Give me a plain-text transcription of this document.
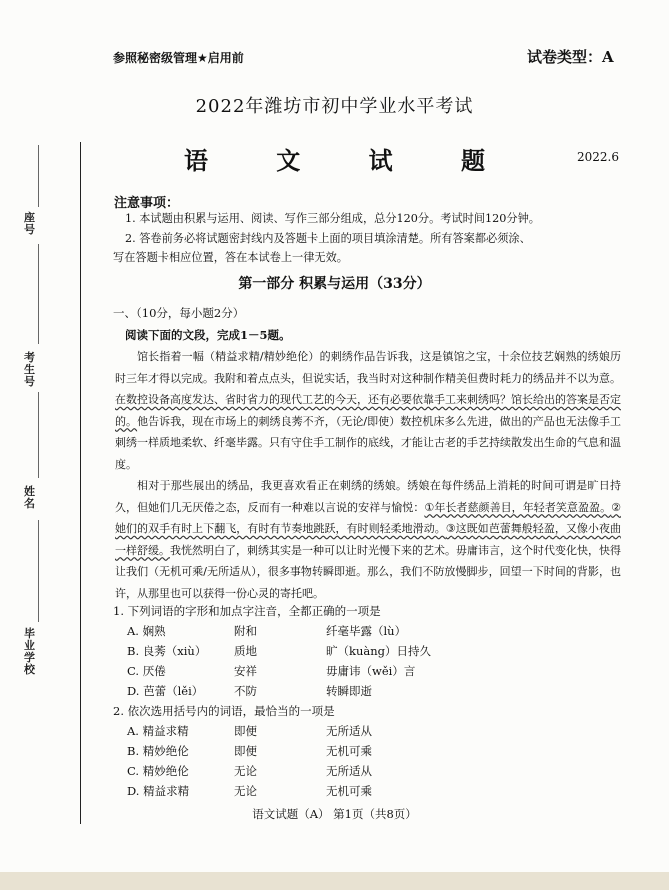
座号
考生号
姓名
毕业学校
参照秘密级管理★启用前	试卷类型：A
2022年潍坊市初中学业水平考试
语 文 试 题	2022.6
注意事项：
1. 本试题由积累与运用、阅读、写作三部分组成，总分120分。考试时间120分钟。
2. 答卷前务必将试题密封线内及答题卡上面的项目填涂清楚。所有答案都必须涂、
写在答题卡相应位置，答在本试卷上一律无效。
第一部分 积累与运用（33分）
一、（10分，每小题2分）
阅读下面的文段，完成1－5题。
馆长指着一幅（精益求精/精妙绝伦）的刺绣作品告诉我，这是镇馆之宝，十余位技艺娴熟的绣娘历时三年才得以完成。我附和着点点头，但说实话，我当时对这种制作精美但费时耗力的绣品并不以为意。在数控设备高度发达、省时省力的现代工艺的今天，还有必要依靠手工来刺绣吗？馆长给出的答案是否定的。他告诉我，现在市场上的刺绣良莠不齐，（无论/即使）数控机床多么先进，做出的产品也无法像手工刺绣一样质地柔软、纤毫毕露。只有守住手工制作的底线，才能让古老的手艺持续散发出生命的气息和温度。
相对于那些展出的绣品，我更喜欢看正在刺绣的绣娘。绣娘在每件绣品上消耗的时间可谓是旷日持久，但她们几无厌倦之态，反而有一种难以言说的安祥与愉悦：①年长者慈颜善目，年轻者笑意盈盈。②她们的双手有时上下翻飞，有时有节奏地跳跃，有时则轻柔地滑动。③这既如芭蕾舞般轻盈，又像小夜曲一样舒缓。我恍然明白了，刺绣其实是一种可以让时光慢下来的艺术。毋庸讳言，这个时代变化快，快得让我们（无机可乘/无所适从），很多事物转瞬即逝。那么，我们不防放慢脚步，回望一下时间的背影，也许，从那里也可以获得一份心灵的寄托吧。
1. 下列词语的字形和加点字注音，全都正确的一项是
A. 娴熟	附和	纤毫毕露（lù）
B. 良莠（xiù） 质地	旷（kuàng）日持久
C. 厌倦	安祥	毋庸讳（wěi）言
D. 芭蕾（lěi）	不防	转瞬即逝
2. 依次选用括号内的词语，最恰当的一项是
A. 精益求精	即便	无所适从
B. 精妙绝伦	即便	无机可乘
C. 精妙绝伦	无论	无所适从
D. 精益求精	无论	无机可乘
语文试题（A） 第1页（共8页）
